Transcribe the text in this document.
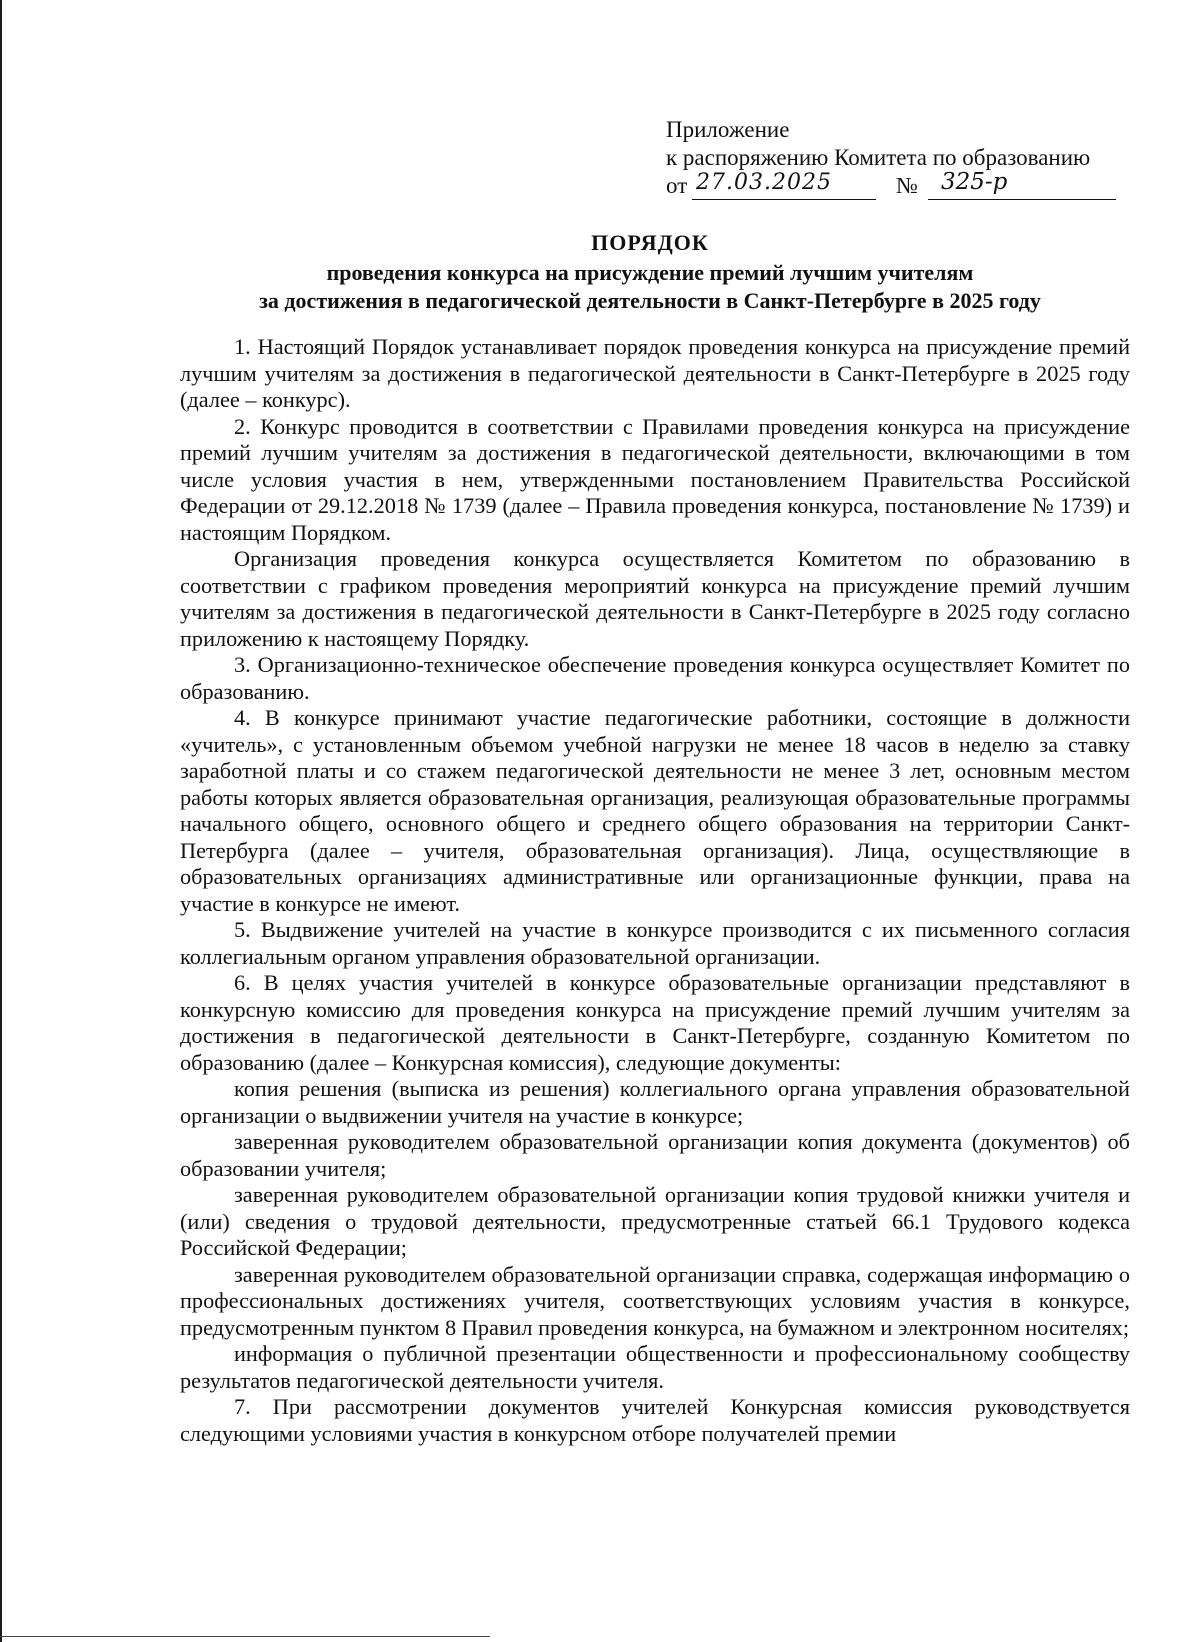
Приложение
к распоряжению Комитета по образованию
от 27.03.2025	№ 325-р
ПОРЯДОК
проведения конкурса на присуждение премий лучшим учителям
за достижения в педагогической деятельности в Санкт-Петербурге в 2025 году

1. Настоящий Порядок устанавливает порядок проведения конкурса на присуждение премий лучшим учителям за достижения в педагогической деятельности в Санкт-Петербурге в 2025 году (далее – конкурс).

2. Конкурс проводится в соответствии с Правилами проведения конкурса на присуждение премий лучшим учителям за достижения в педагогической деятельности, включающими в том числе условия участия в нем, утвержденными постановлением Правительства Российской Федерации от 29.12.2018 № 1739 (далее – Правила проведения конкурса, постановление № 1739) и настоящим Порядком.

Организация проведения конкурса осуществляется Комитетом по образованию в соответствии с графиком проведения мероприятий конкурса на присуждение премий лучшим учителям за достижения в педагогической деятельности в Санкт-Петербурге в 2025 году согласно приложению к настоящему Порядку.

3. Организационно-техническое обеспечение проведения конкурса осуществляет Комитет по образованию.

4. В конкурсе принимают участие педагогические работники, состоящие в должности «учитель», с установленным объемом учебной нагрузки не менее 18 часов в неделю за ставку заработной платы и со стажем педагогической деятельности не менее 3 лет, основным местом работы которых является образовательная организация, реализующая образовательные программы начального общего, основного общего и среднего общего образования на территории Санкт-Петербурга (далее – учителя, образовательная организация). Лица, осуществляющие в образовательных организациях административные или организационные функции, права на участие в конкурсе не имеют.

5. Выдвижение учителей на участие в конкурсе производится с их письменного согласия коллегиальным органом управления образовательной организации.

6. В целях участия учителей в конкурсе образовательные организации представляют в конкурсную комиссию для проведения конкурса на присуждение премий лучшим учителям за достижения в педагогической деятельности в Санкт-Петербурге, созданную Комитетом по образованию (далее – Конкурсная комиссия), следующие документы:

копия решения (выписка из решения) коллегиального органа управления образовательной организации о выдвижении учителя на участие в конкурсе;

заверенная руководителем образовательной организации копия документа (документов) об образовании учителя;

заверенная руководителем образовательной организации копия трудовой книжки учителя и (или) сведения о трудовой деятельности, предусмотренные статьей 66.1 Трудового кодекса Российской Федерации;

заверенная руководителем образовательной организации справка, содержащая информацию о профессиональных достижениях учителя, соответствующих условиям участия в конкурсе, предусмотренным пунктом 8 Правил проведения конкурса, на бумажном и электронном носителях;

информация о публичной презентации общественности и профессиональному сообществу результатов педагогической деятельности учителя.

7. При рассмотрении документов учителей Конкурсная комиссия руководствуется следующими условиями участия в конкурсном отборе получателей премии
